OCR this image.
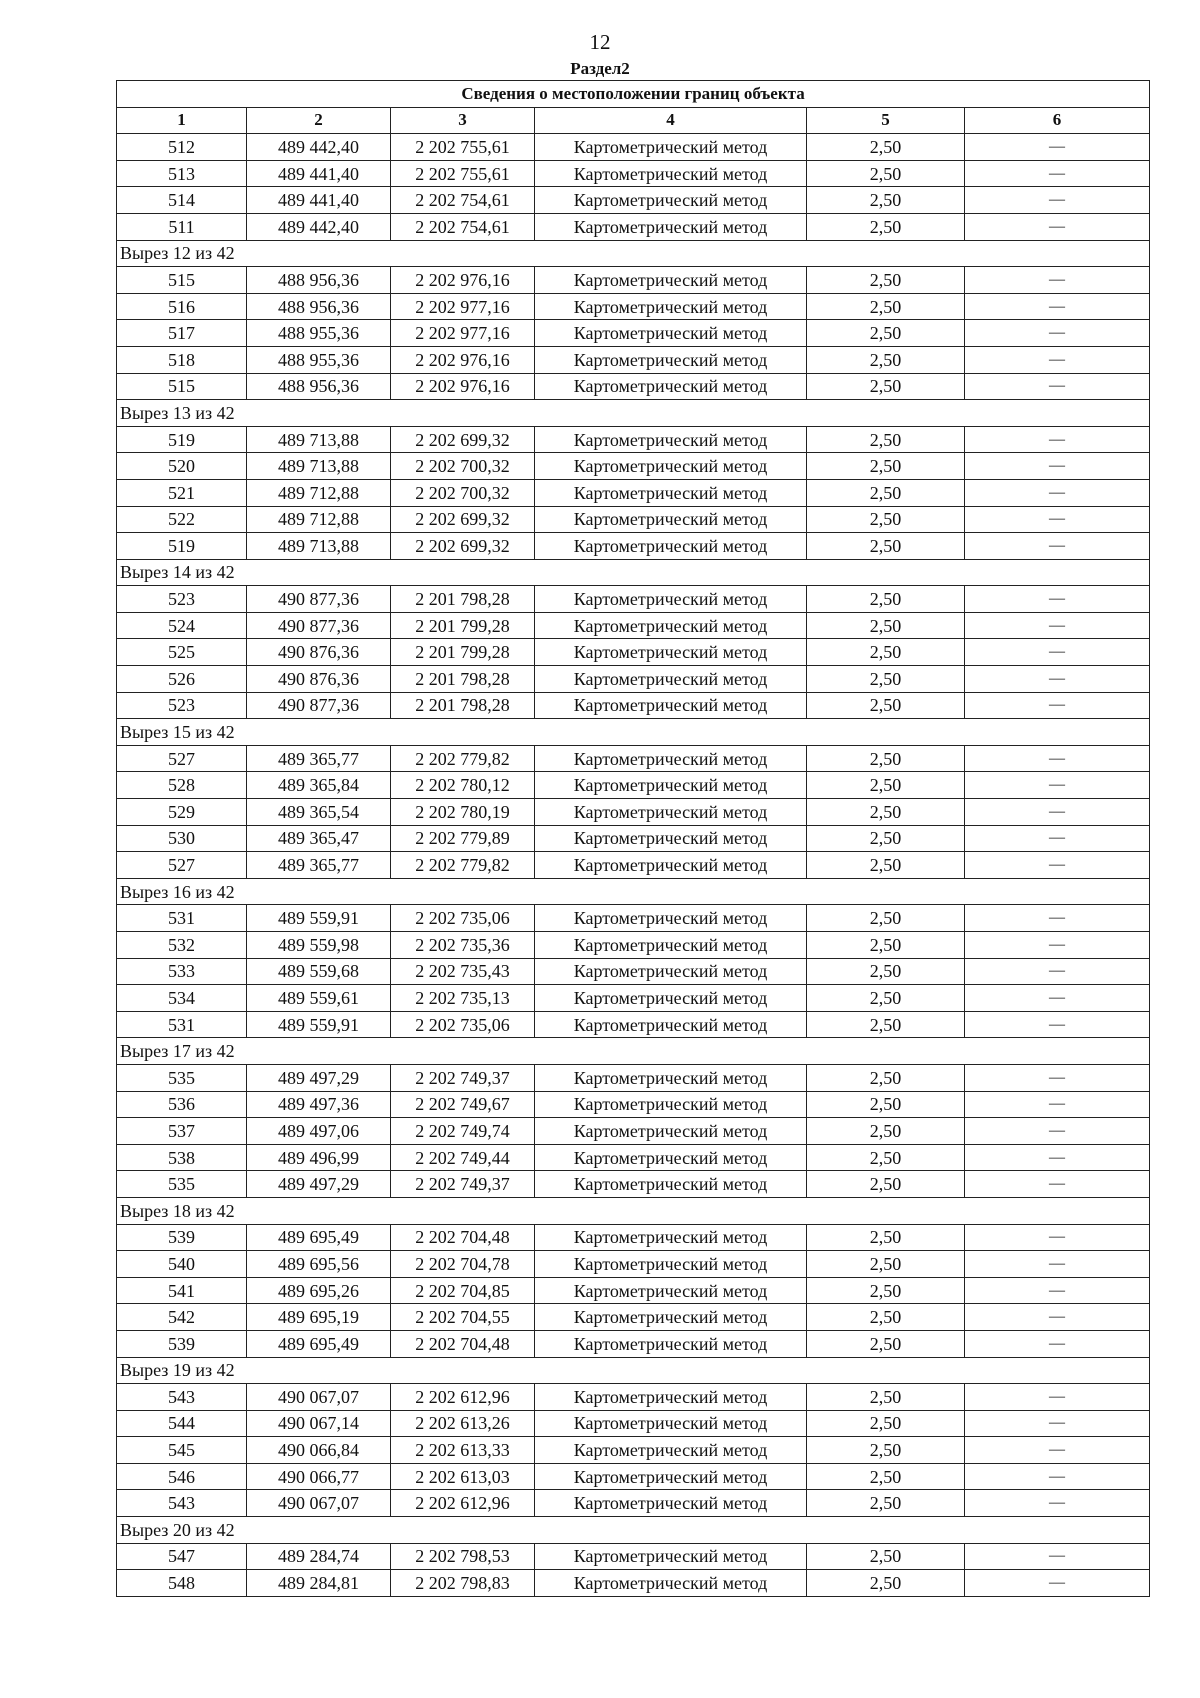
12
Раздел2
Сведения о местоположении границ объекта					
1	2	3	4	5	6
512	489 442,40	2 202 755,61	Картометрический метод	2,50	—
513	489 441,40	2 202 755,61	Картометрический метод	2,50	—
514	489 441,40	2 202 754,61	Картометрический метод	2,50	—
511	489 442,40	2 202 754,61	Картометрический метод	2,50	—
Вырез 12 из 42					
515	488 956,36	2 202 976,16	Картометрический метод	2,50	—
516	488 956,36	2 202 977,16	Картометрический метод	2,50	—
517	488 955,36	2 202 977,16	Картометрический метод	2,50	—
518	488 955,36	2 202 976,16	Картометрический метод	2,50	—
515	488 956,36	2 202 976,16	Картометрический метод	2,50	—
Вырез 13 из 42					
519	489 713,88	2 202 699,32	Картометрический метод	2,50	—
520	489 713,88	2 202 700,32	Картометрический метод	2,50	—
521	489 712,88	2 202 700,32	Картометрический метод	2,50	—
522	489 712,88	2 202 699,32	Картометрический метод	2,50	—
519	489 713,88	2 202 699,32	Картометрический метод	2,50	—
Вырез 14 из 42					
523	490 877,36	2 201 798,28	Картометрический метод	2,50	—
524	490 877,36	2 201 799,28	Картометрический метод	2,50	—
525	490 876,36	2 201 799,28	Картометрический метод	2,50	—
526	490 876,36	2 201 798,28	Картометрический метод	2,50	—
523	490 877,36	2 201 798,28	Картометрический метод	2,50	—
Вырез 15 из 42					
527	489 365,77	2 202 779,82	Картометрический метод	2,50	—
528	489 365,84	2 202 780,12	Картометрический метод	2,50	—
529	489 365,54	2 202 780,19	Картометрический метод	2,50	—
530	489 365,47	2 202 779,89	Картометрический метод	2,50	—
527	489 365,77	2 202 779,82	Картометрический метод	2,50	—
Вырез 16 из 42					
531	489 559,91	2 202 735,06	Картометрический метод	2,50	—
532	489 559,98	2 202 735,36	Картометрический метод	2,50	—
533	489 559,68	2 202 735,43	Картометрический метод	2,50	—
534	489 559,61	2 202 735,13	Картометрический метод	2,50	—
531	489 559,91	2 202 735,06	Картометрический метод	2,50	—
Вырез 17 из 42					
535	489 497,29	2 202 749,37	Картометрический метод	2,50	—
536	489 497,36	2 202 749,67	Картометрический метод	2,50	—
537	489 497,06	2 202 749,74	Картометрический метод	2,50	—
538	489 496,99	2 202 749,44	Картометрический метод	2,50	—
535	489 497,29	2 202 749,37	Картометрический метод	2,50	—
Вырез 18 из 42					
539	489 695,49	2 202 704,48	Картометрический метод	2,50	—
540	489 695,56	2 202 704,78	Картометрический метод	2,50	—
541	489 695,26	2 202 704,85	Картометрический метод	2,50	—
542	489 695,19	2 202 704,55	Картометрический метод	2,50	—
539	489 695,49	2 202 704,48	Картометрический метод	2,50	—
Вырез 19 из 42					
543	490 067,07	2 202 612,96	Картометрический метод	2,50	—
544	490 067,14	2 202 613,26	Картометрический метод	2,50	—
545	490 066,84	2 202 613,33	Картометрический метод	2,50	—
546	490 066,77	2 202 613,03	Картометрический метод	2,50	—
543	490 067,07	2 202 612,96	Картометрический метод	2,50	—
Вырез 20 из 42					
547	489 284,74	2 202 798,53	Картометрический метод	2,50	—
548	489 284,81	2 202 798,83	Картометрический метод	2,50	—
